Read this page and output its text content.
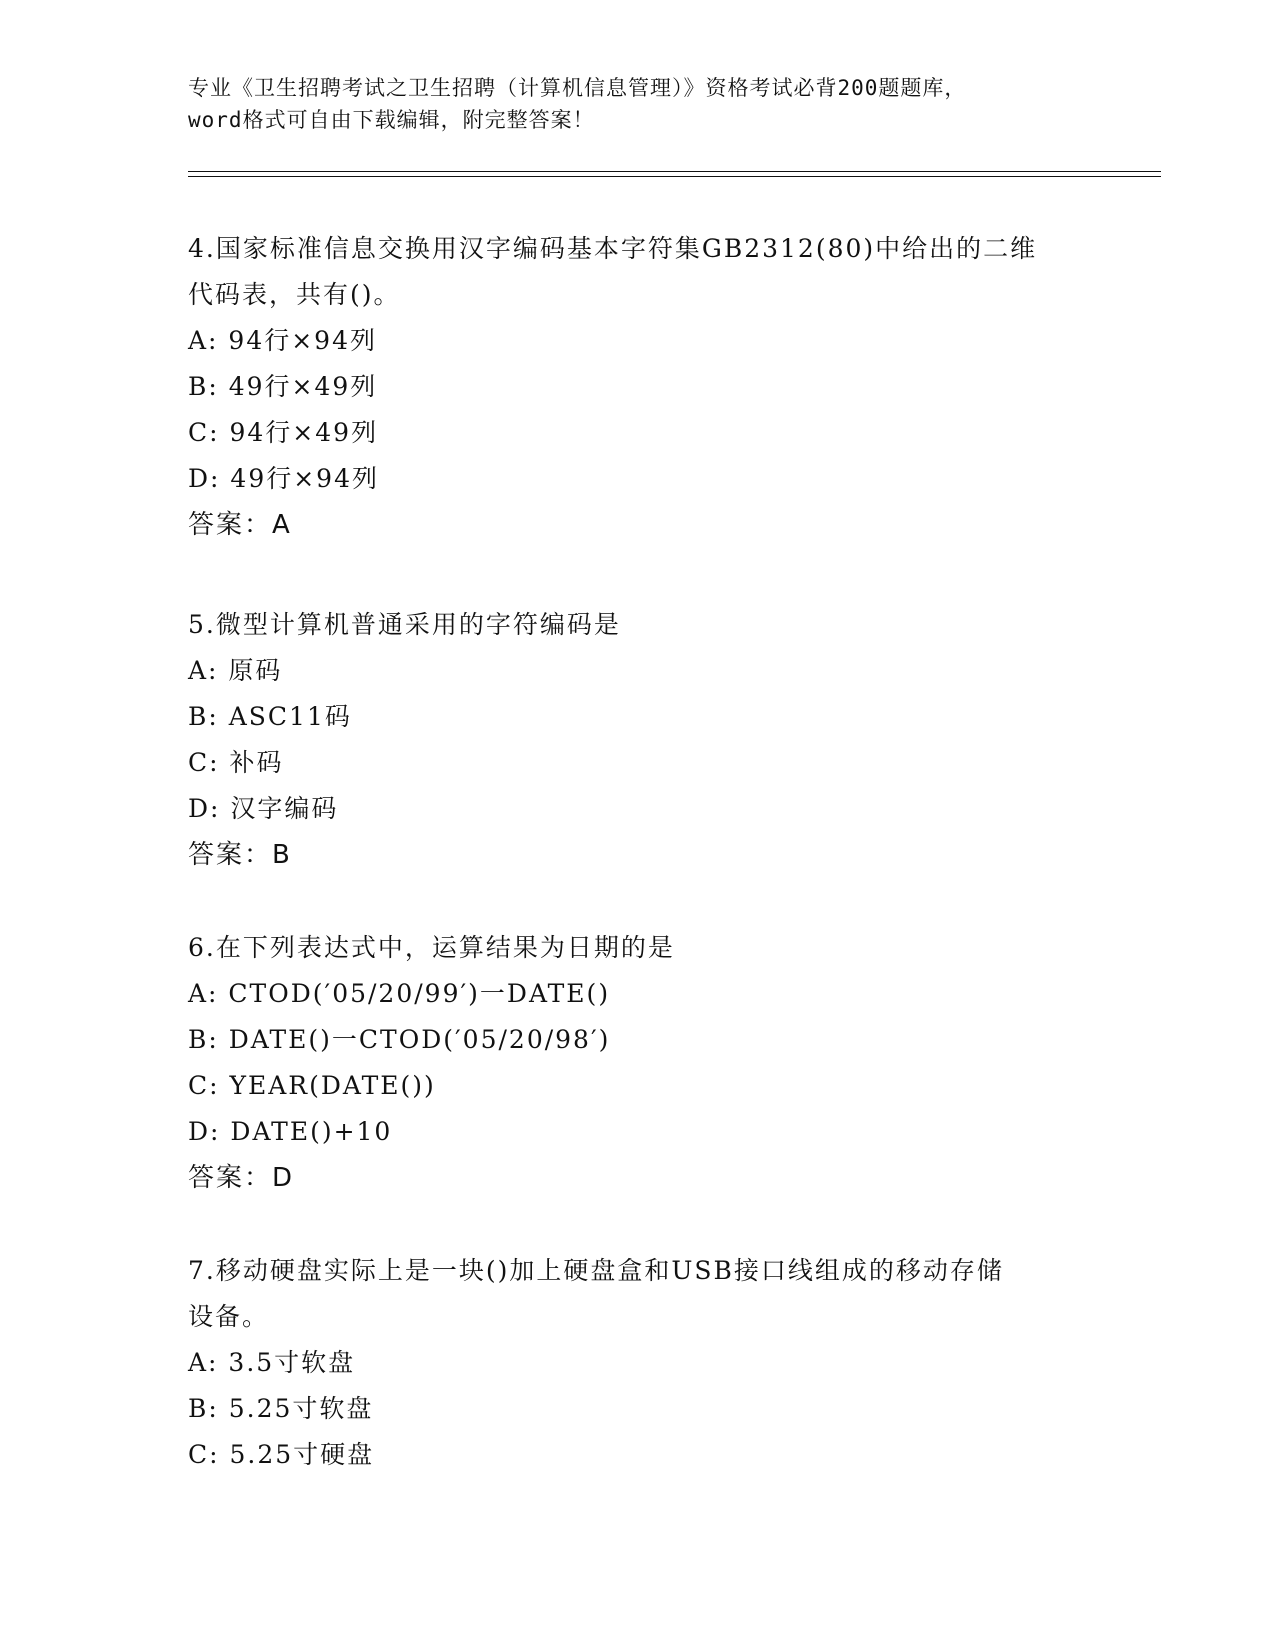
专业《卫生招聘考试之卫生招聘（计算机信息管理）》资格考试必背200题题库，
word格式可自由下载编辑，附完整答案！
4.国家标准信息交换用汉字编码基本字符集GB2312(80)中给出的二维
代码表，共有()。
A: 94行×94列
B: 49行×49列
C: 94行×49列
D: 49行×94列
答案：A
5.微型计算机普通采用的字符编码是
A: 原码
B: ASC11码
C: 补码
D: 汉字编码
答案：B
6.在下列表达式中，运算结果为日期的是
A: CTOD(′05/20/99′)一DATE()
B: DATE()一CTOD(′05/20/98′)
C: YEAR(DATE())
D: DATE()+10
答案：D
7.移动硬盘实际上是一块()加上硬盘盒和USB接口线组成的移动存储
设备。
A: 3.5寸软盘
B: 5.25寸软盘
C: 5.25寸硬盘
